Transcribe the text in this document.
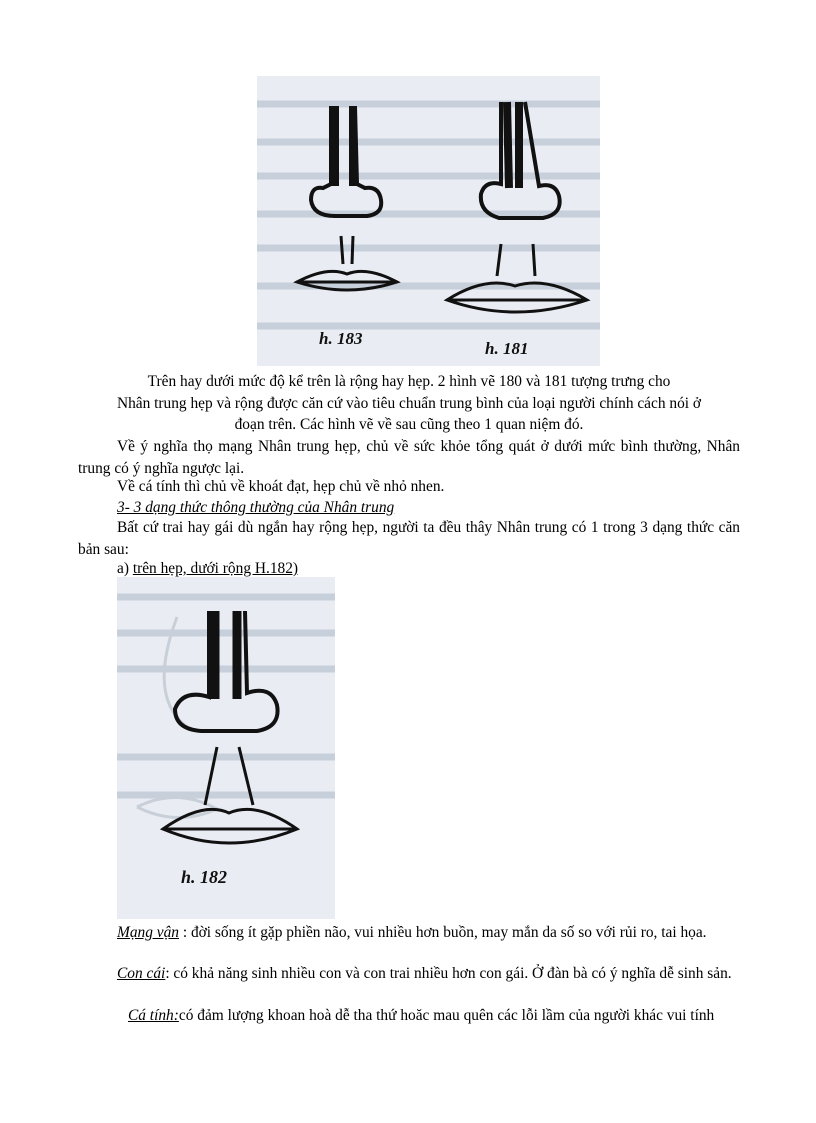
h. 183
h. 181

Trên hay dưới mức độ kể trên là rộng hay hẹp. 2 hình vẽ 180 và 181 tượng trưng cho

Nhân trung hẹp và rộng được căn cứ vào tiêu chuẩn trung bình của loại người chính cách nói ở

đoạn trên. Các hình vẽ về sau cũng theo 1 quan niệm đó.

Về ý nghĩa thọ mạng Nhân trung hẹp, chủ về sức khỏe tổng quát ở dưới mức bình thường, Nhân trung có ý nghĩa ngược lại.

Về cá tính thì chủ về khoát đạt, hẹp chủ về nhỏ nhen.

3- 3 dạng thức thông thường của Nhân trung

Bất cứ trai hay gái dù ngắn hay rộng hẹp, người ta đều thây Nhân trung có 1 trong 3 dạng thức căn bản sau:

a) trên hẹp, dưới rộng H.182)

h. 182

Mạng vận : đời sống ít gặp phiền não, vui nhiều hơn buồn, may mắn da số so với rủi ro, tai họa.

Con cái: có khả năng sinh nhiều con và con trai nhiều hơn con gái. Ở đàn bà có ý nghĩa dễ sinh sản.

Cá tính:có đảm lượng khoan hoà dễ tha thứ hoăc mau quên các lỗi lầm của người khác vui tính
